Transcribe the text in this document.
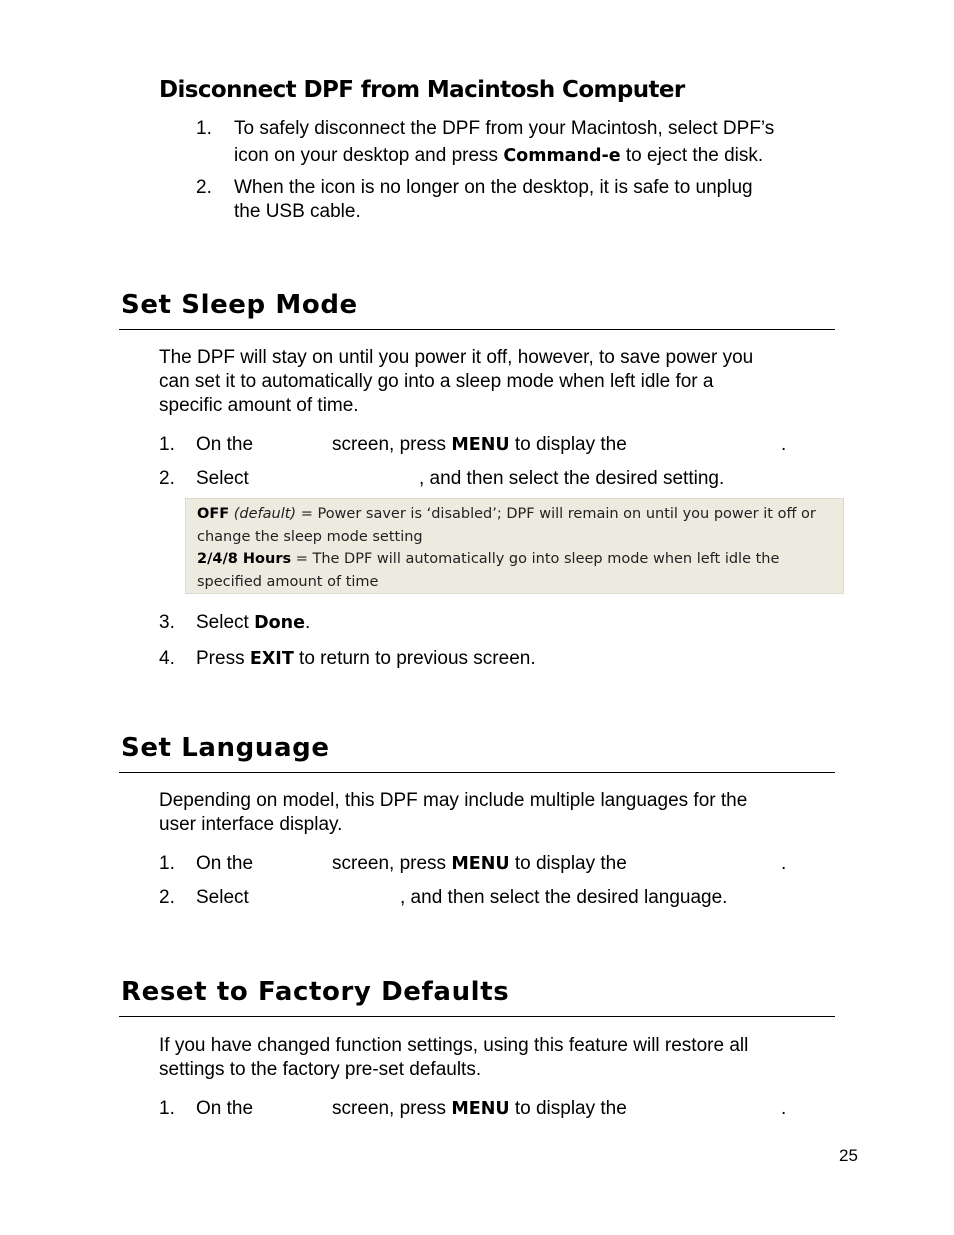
Disconnect DPF from Macintosh Computer
1. To safely disconnect the DPF from your Macintosh, select DPF’s
icon on your desktop and press Command-e to eject the disk.
2. When the icon is no longer on the desktop, it is safe to unplug
the USB cable.
Set Sleep Mode
The DPF will stay on until you power it off, however, to save power you
can set it to automatically go into a sleep mode when left idle for a
specific amount of time.
1. On the	screen, press MENU to display the	.
2. Select	, and then select the desired setting.
OFF (default) = Power saver is ‘disabled’; DPF will remain on until you power it off or change the sleep mode setting
2/4/8 Hours = The DPF will automatically go into sleep mode when left idle the specified amount of time
3. Select Done.
4. Press EXIT to return to previous screen.
Set Language
Depending on model, this DPF may include multiple languages for the
user interface display.
1. On the	screen, press MENU to display the	.
2. Select	, and then select the desired language.
Reset to Factory Defaults
If you have changed function settings, using this feature will restore all
settings to the factory pre-set defaults.
1. On the	screen, press MENU to display the	.
25
